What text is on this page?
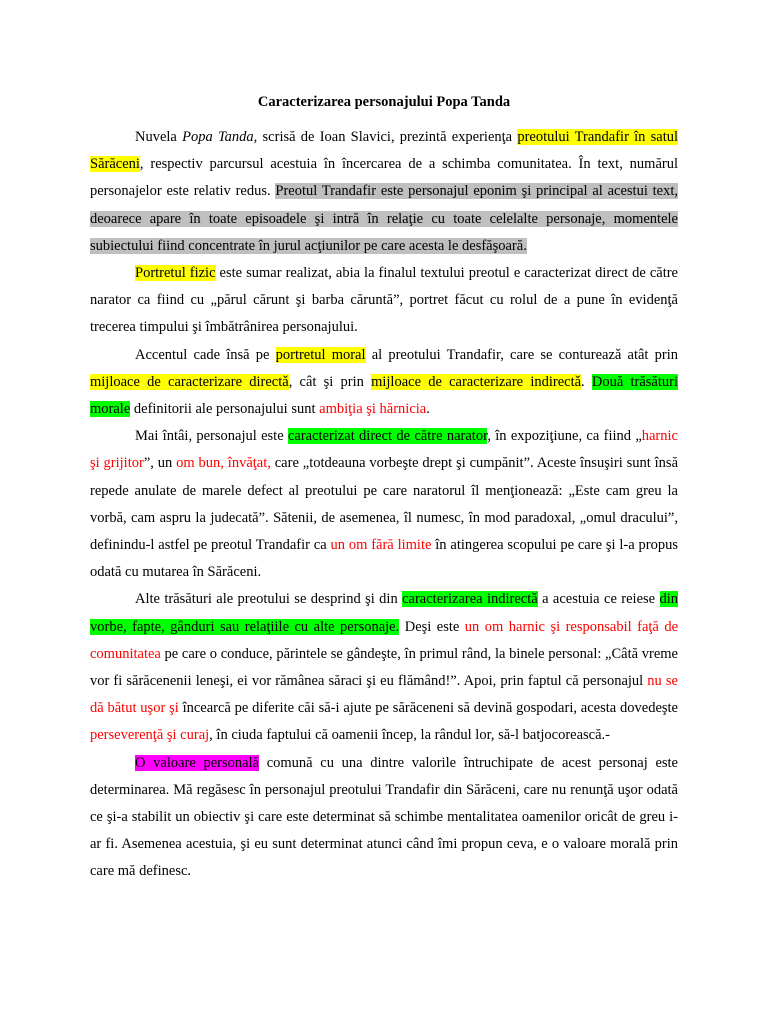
Caracterizarea personajului Popa Tanda

Nuvela Popa Tanda, scrisă de Ioan Slavici, prezintă experienţa preotului Trandafir în satul Sărăceni, respectiv parcursul acestuia în încercarea de a schimba comunitatea. În text, numărul personajelor este relativ redus. Preotul Trandafir este personajul eponim şi principal al acestui text, deoarece apare în toate episoadele şi intră în relaţie cu toate celelalte personaje, momentele subiectului fiind concentrate în jurul acţiunilor pe care acesta le desfăşoară.

Portretul fizic este sumar realizat, abia la finalul textului preotul e caracterizat direct de către narator ca fiind cu „părul cărunt şi barba căruntă”, portret făcut cu rolul de a pune în evidenţă trecerea timpului şi îmbătrânirea personajului.

Accentul cade însă pe portretul moral al preotului Trandafir, care se contureazǎ atât prin mijloace de caracterizare directǎ, cât şi prin mijloace de caracterizare indirectǎ. Două trăsături morale definitorii ale personajului sunt ambiţia şi hărnicia.

Mai întâi, personajul este caracterizat direct de către narator, în expoziţiune, ca fiind „harnic şi grijitor”, un om bun, învăţat, care „totdeauna vorbeşte drept şi cumpănit”. Aceste însuşiri sunt însă repede anulate de marele defect al preotului pe care naratorul îl menţionează: „Este cam greu la vorbă, cam aspru la judecată”. Sătenii, de asemenea, îl numesc, în mod paradoxal, „omul dracului”, definindu-l astfel pe preotul Trandafir ca un om fără limite în atingerea scopului pe care şi l-a propus odată cu mutarea în Sărăceni.

Alte trăsături ale preotului se desprind şi din caracterizarea indirectǎ a acestuia ce reiese din vorbe, fapte, gânduri sau relaţiile cu alte personaje. Deşi este un om harnic şi responsabil faţă de comunitatea pe care o conduce, părintele se gândeşte, în primul rând, la binele personal: „Câtă vreme vor fi sărăcenenii leneşi, ei vor rămânea săraci şi eu flămând!”. Apoi, prin faptul că personajul nu se dă bătut uşor şi încearcă pe diferite căi să-i ajute pe sărăceneni să devină gospodari, acesta dovedeşte perseverenţă şi curaj, în ciuda faptului că oamenii încep, la rândul lor, să-l batjocorească.-

O valoare personală comună cu una dintre valorile întruchipate de acest personaj este determinarea. Mă regăsesc în personajul preotului Trandafir din Sărăceni, care nu renunţă uşor odată ce şi-a stabilit un obiectiv şi care este determinat să schimbe mentalitatea oamenilor oricât de greu i-ar fi. Asemenea acestuia, şi eu sunt determinat atunci când îmi propun ceva, e o valoare morală prin care mă definesc.
